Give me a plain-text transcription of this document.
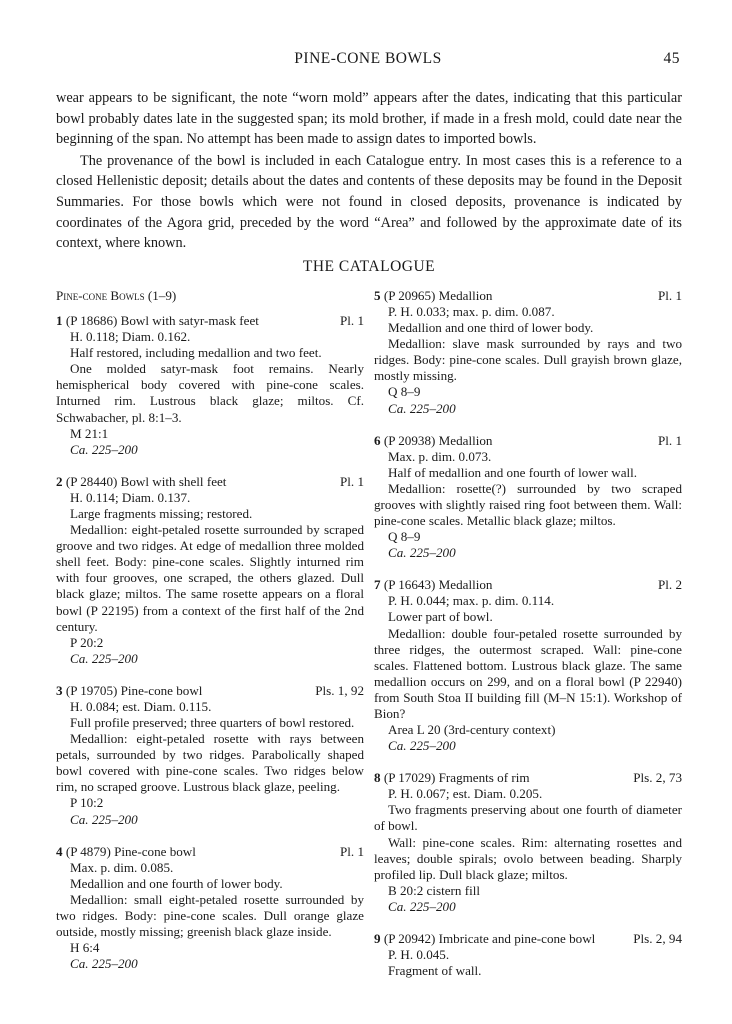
PINE-CONE BOWLS	45

wear appears to be significant, the note “worn mold” appears after the dates, indicating that this particular bowl probably dates late in the suggested span; its mold brother, if made in a fresh mold, could date near the beginning of the span. No attempt has been made to assign dates to imported bowls.

The provenance of the bowl is included in each Catalogue entry. In most cases this is a reference to a closed Hellenistic deposit; details about the dates and contents of these deposits may be found in the Deposit Summaries. For those bowls which were not found in closed deposits, provenance is indicated by coordinates of the Agora grid, preceded by the word “Area” and followed by the approximate date of its context, where known.

THE CATALOGUE
Pine-cone Bowls (1–9)
1 (P 18686) Bowl with satyr-mask feet	Pl. 1
H. 0.118; Diam. 0.162.
Half restored, including medallion and two feet.
One molded satyr-mask foot remains. Nearly hemispherical body covered with pine-cone scales. Inturned rim. Lustrous black glaze; miltos. Cf. Schwabacher, pl. 8:1–3.
M 21:1
Ca. 225–200
2 (P 28440) Bowl with shell feet	Pl. 1
H. 0.114; Diam. 0.137.
Large fragments missing; restored.
Medallion: eight-petaled rosette surrounded by scraped groove and two ridges. At edge of medallion three molded shell feet. Body: pine-cone scales. Slightly inturned rim with four grooves, one scraped, the others glazed. Dull black glaze; miltos. The same rosette appears on a floral bowl (P 22195) from a context of the first half of the 2nd century.
P 20:2
Ca. 225–200
3 (P 19705) Pine-cone bowl	Pls. 1, 92
H. 0.084; est. Diam. 0.115.
Full profile preserved; three quarters of bowl restored.
Medallion: eight-petaled rosette with rays between petals, surrounded by two ridges. Parabolically shaped bowl covered with pine-cone scales. Two ridges below rim, no scraped groove. Lustrous black glaze, peeling.
P 10:2
Ca. 225–200
4 (P 4879) Pine-cone bowl	Pl. 1
Max. p. dim. 0.085.
Medallion and one fourth of lower body.
Medallion: small eight-petaled rosette surrounded by two ridges. Body: pine-cone scales. Dull orange glaze outside, mostly missing; greenish black glaze inside.
H 6:4
Ca. 225–200
5 (P 20965) Medallion	Pl. 1
P. H. 0.033; max. p. dim. 0.087.
Medallion and one third of lower body.
Medallion: slave mask surrounded by rays and two ridges. Body: pine-cone scales. Dull grayish brown glaze, mostly missing.
Q 8–9
Ca. 225–200
6 (P 20938) Medallion	Pl. 1
Max. p. dim. 0.073.
Half of medallion and one fourth of lower wall.
Medallion: rosette(?) surrounded by two scraped grooves with slightly raised ring foot between them. Wall: pine-cone scales. Metallic black glaze; miltos.
Q 8–9
Ca. 225–200
7 (P 16643) Medallion	Pl. 2
P. H. 0.044; max. p. dim. 0.114.
Lower part of bowl.
Medallion: double four-petaled rosette surrounded by three ridges, the outermost scraped. Wall: pine-cone scales. Flattened bottom. Lustrous black glaze. The same medallion occurs on 299, and on a floral bowl (P 22940) from South Stoa II building fill (M–N 15:1). Workshop of Bion?
Area L 20 (3rd-century context)
Ca. 225–200
8 (P 17029) Fragments of rim	Pls. 2, 73
P. H. 0.067; est. Diam. 0.205.
Two fragments preserving about one fourth of diameter of bowl.
Wall: pine-cone scales. Rim: alternating rosettes and leaves; double spirals; ovolo between beading. Sharply profiled lip. Dull black glaze; miltos.
B 20:2 cistern fill
Ca. 225–200
9 (P 20942) Imbricate and pine-cone bowl	Pls. 2, 94
P. H. 0.045.
Fragment of wall.
